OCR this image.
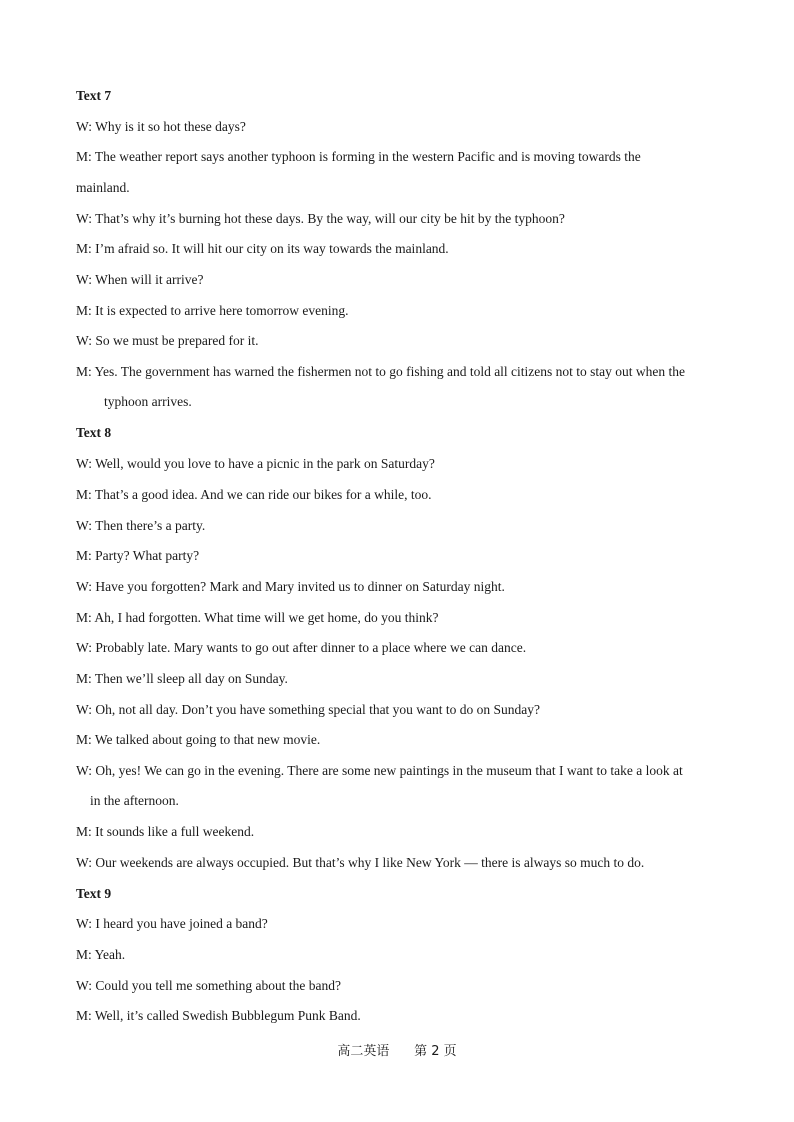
Text 7
W: Why is it so hot these days?
M: The weather report says another typhoon is forming in the western Pacific and is moving towards the
mainland.
W: That’s why it’s burning hot these days. By the way, will our city be hit by the typhoon?
M: I’m afraid so. It will hit our city on its way towards the mainland.
W: When will it arrive?
M: It is expected to arrive here tomorrow evening.
W: So we must be prepared for it.
M: Yes. The government has warned the fishermen not to go fishing and told all citizens not to stay out when the
typhoon arrives.
Text 8
W: Well, would you love to have a picnic in the park on Saturday?
M: That’s a good idea. And we can ride our bikes for a while, too.
W: Then there’s a party.
M: Party? What party?
W: Have you forgotten? Mark and Mary invited us to dinner on Saturday night.
M: Ah, I had forgotten. What time will we get home, do you think?
W: Probably late. Mary wants to go out after dinner to a place where we can dance.
M: Then we’ll sleep all day on Sunday.
W: Oh, not all day. Don’t you have something special that you want to do on Sunday?
M: We talked about going to that new movie.
W: Oh, yes! We can go in the evening. There are some new paintings in the museum that I want to take a look at
in the afternoon.
M: It sounds like a full weekend.
W: Our weekends are always occupied. But that’s why I like New York — there is always so much to do.
Text 9
W: I heard you have joined a band?
M: Yeah.
W: Could you tell me something about the band?
M: Well, it’s called Swedish Bubblegum Punk Band.
高二英语 第 2 页
